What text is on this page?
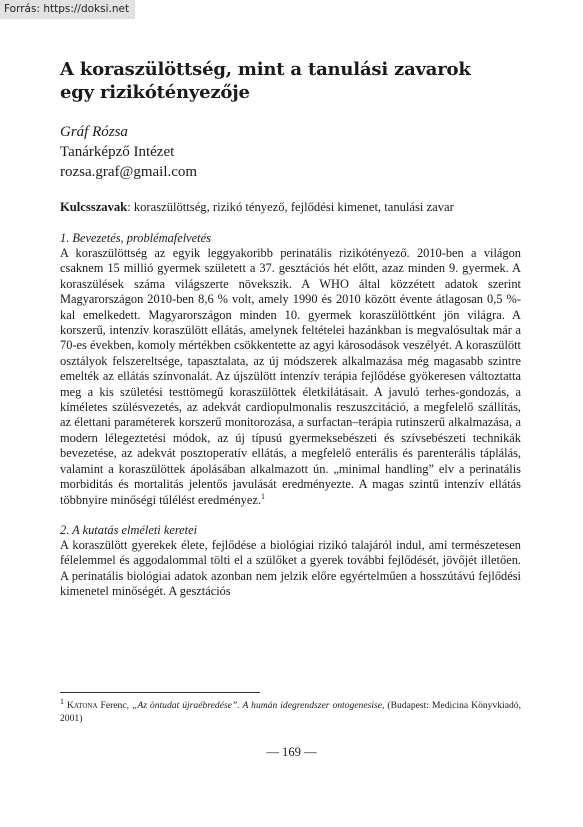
Forrás: https://doksi.net
A koraszülöttség, mint a tanulási zavarok
egy rizikótényezője
Gráf Rózsa
Tanárképző Intézet
rozsa.graf@gmail.com
Kulcsszavak: koraszülöttség, rizikó tényező, fejlődési kimenet, tanulási zavar
1. Bevezetés, problémafelvetés

A koraszülöttség az egyik leggyakoribb perinatális rizikótényező. 2010-ben a világon csaknem 15 millió gyermek született a 37. gesztációs hét előtt, azaz minden 9. gyermek. A koraszülések száma világszerte növekszik. A WHO által közzétett adatok szerint Magyarországon 2010-ben 8,6 % volt, amely 1990 és 2010 között évente átlagosan 0,5 %-kal emelkedett. Magyarországon minden 10. gyermek koraszülöttként jön világra. A korszerű, intenzív koraszülött ellátás, amelynek feltételei hazánkban is megvalósultak már a 70-es években, komoly mértékben csökkentette az agyi károsodások veszélyét. A koraszülött osztályok felszereltsége, tapasztalata, az új módszerek alkalmazása még magasabb szintre emelték az ellátás színvonalát. Az újszülött intenzív terápia fejlődése gyökeresen változtatta meg a kis születési testtömegű koraszülöttek életkilátásait. A javuló terhes-gondozás, a kíméletes szülésvezetés, az adekvát cardiopulmonalis reszuszcitáció, a megfelelő szállítás, az élettani paraméterek korszerű monitorozása, a surfactan–terápia rutinszerű alkalmazása, a modern lélegeztetési módok, az új típusú gyermeksebészeti és szívsebészeti technikák bevezetése, az adekvát posztoperatív ellátás, a megfelelő enterális és parenterális táplálás, valamint a koraszülöttek ápolásában alkalmazott ún. „minimal handling” elv a perinatális morbiditás és mortalitás jelentős javulását eredményezte. A magas szintű intenzív ellátás többnyire minőségi túlélést eredményez.$^1$

2. A kutatás elméleti keretei

A koraszülött gyerekek élete, fejlődése a biológiai rizikó talajáról indul, ami természetesen félelemmel és aggodalommal tölti el a szülőket a gyerek további fejlődését, jövőjét illetően. A perinatális biológiai adatok azonban nem jelzik előre egyértelműen a hosszútávú fejlődési kimenetel minőségét. A gesztációs

$^1$ Katona Ferenc, „Az öntudat újraébredése”. A humán idegrendszer ontogenesise, (Budapest: Medicina Könyvkiadó, 2001)
— 169 —
